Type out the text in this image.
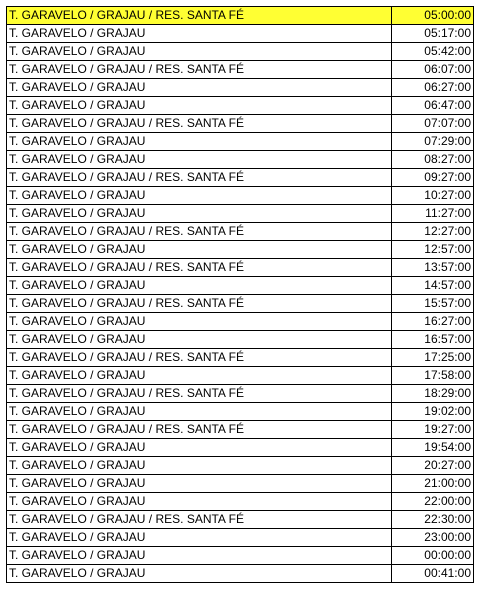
T. GARAVELO / GRAJAU / RES. SANTA FÉ	05:00:00
T. GARAVELO / GRAJAU	05:17:00
T. GARAVELO / GRAJAU	05:42:00
T. GARAVELO / GRAJAU / RES. SANTA FÉ	06:07:00
T. GARAVELO / GRAJAU	06:27:00
T. GARAVELO / GRAJAU	06:47:00
T. GARAVELO / GRAJAU / RES. SANTA FÉ	07:07:00
T. GARAVELO / GRAJAU	07:29:00
T. GARAVELO / GRAJAU	08:27:00
T. GARAVELO / GRAJAU / RES. SANTA FÉ	09:27:00
T. GARAVELO / GRAJAU	10:27:00
T. GARAVELO / GRAJAU	11:27:00
T. GARAVELO / GRAJAU / RES. SANTA FÉ	12:27:00
T. GARAVELO / GRAJAU	12:57:00
T. GARAVELO / GRAJAU / RES. SANTA FÉ	13:57:00
T. GARAVELO / GRAJAU	14:57:00
T. GARAVELO / GRAJAU / RES. SANTA FÉ	15:57:00
T. GARAVELO / GRAJAU	16:27:00
T. GARAVELO / GRAJAU	16:57:00
T. GARAVELO / GRAJAU / RES. SANTA FÉ	17:25:00
T. GARAVELO / GRAJAU	17:58:00
T. GARAVELO / GRAJAU / RES. SANTA FÉ	18:29:00
T. GARAVELO / GRAJAU	19:02:00
T. GARAVELO / GRAJAU / RES. SANTA FÉ	19:27:00
T. GARAVELO / GRAJAU	19:54:00
T. GARAVELO / GRAJAU	20:27:00
T. GARAVELO / GRAJAU	21:00:00
T. GARAVELO / GRAJAU	22:00:00
T. GARAVELO / GRAJAU / RES. SANTA FÉ	22:30:00
T. GARAVELO / GRAJAU	23:00:00
T. GARAVELO / GRAJAU	00:00:00
T. GARAVELO / GRAJAU	00:41:00
